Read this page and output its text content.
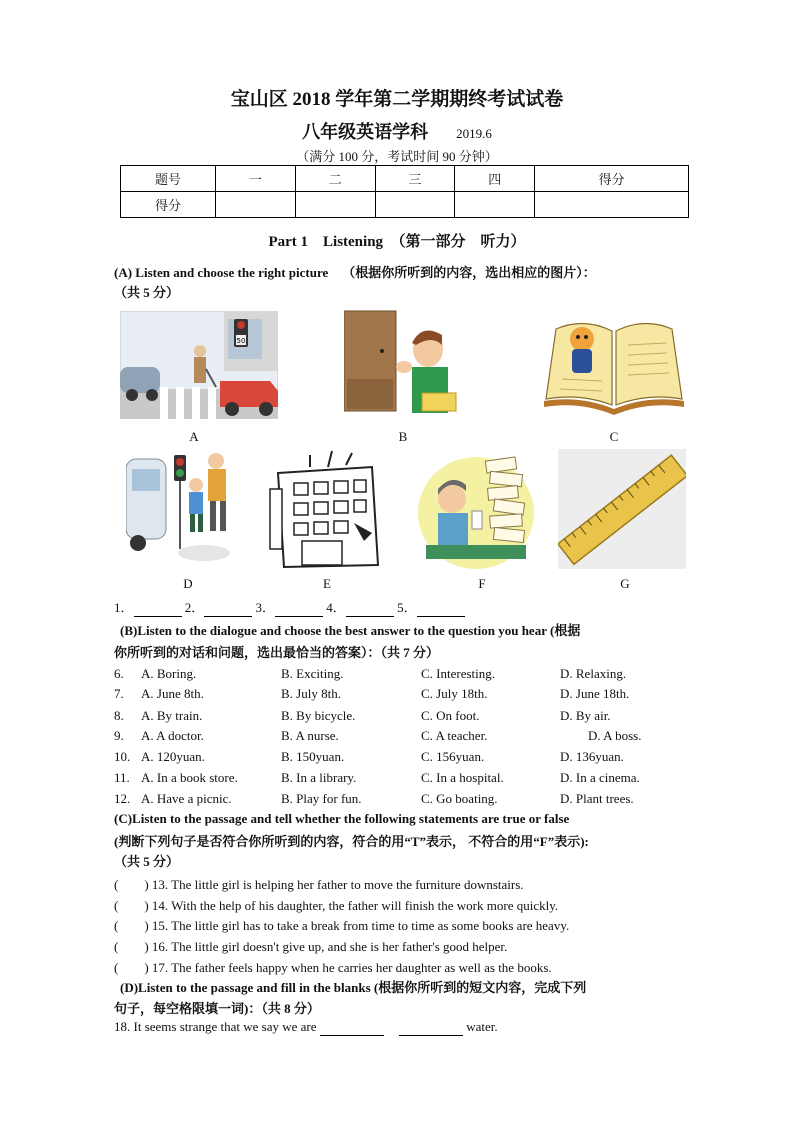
宝山区 2018 学年第二学期期终考试试卷
八年级英语学科 2019.6
（满分 100 分，考试时间 90 分钟）
题号	一	二	三	四	得分
得分					
Part 1　Listening　（第一部分　听力）
(A) Listen and choose the right picture （根据你所听到的内容，选出相应的图片）：
（共 5 分）
50
A	B	C
D	E	F	G
1．	2．	3．	4．	5．
(B)Listen to the dialogue and choose the best answer to the question you hear (根据
你所听到的对话和问题，选出最恰当的答案）：（共 7 分）
6. A. Boring.	B. Exciting.	C. Interesting.	D. Relaxing.
7. A. June 8th.	B. July 8th.	C. July 18th.	D. June 18th.
8. A. By train.	B. By bicycle.	C. On foot.	D. By air.
9. A. A doctor.	B. A nurse.	C. A teacher.	D. A boss.
10. A. 120yuan.	B. 150yuan.	C. 156yuan.	D. 136yuan.
11. A. In a book store.	B. In a library.	C. In a hospital.	D. In a cinema.
12. A. Have a picnic.	B. Play for fun.	C. Go boating.	D. Plant trees.
(C)Listen to the passage and tell whether the following statements are true or false
(判断下列句子是否符合你所听到的内容，符合的用“T”表示， 不符合的用“F”表示):
（共 5 分）
(　　) 13. The little girl is helping her father to move the furniture downstairs.
(　　) 14. With the help of his daughter, the father will finish the work more quickly.
(　　) 15. The little girl has to take a break from time to time as some books are heavy.
(　　) 16. The little girl doesn't give up, and she is her father's good helper.
(　　) 17. The father feels happy when he carries her daughter as well as the books.
(D)Listen to the passage and fill in the blanks (根据你所听到的短文内容，完成下列
句子，每空格限填一词)：（共 8 分）
18. It seems strange that we say we are	water.
